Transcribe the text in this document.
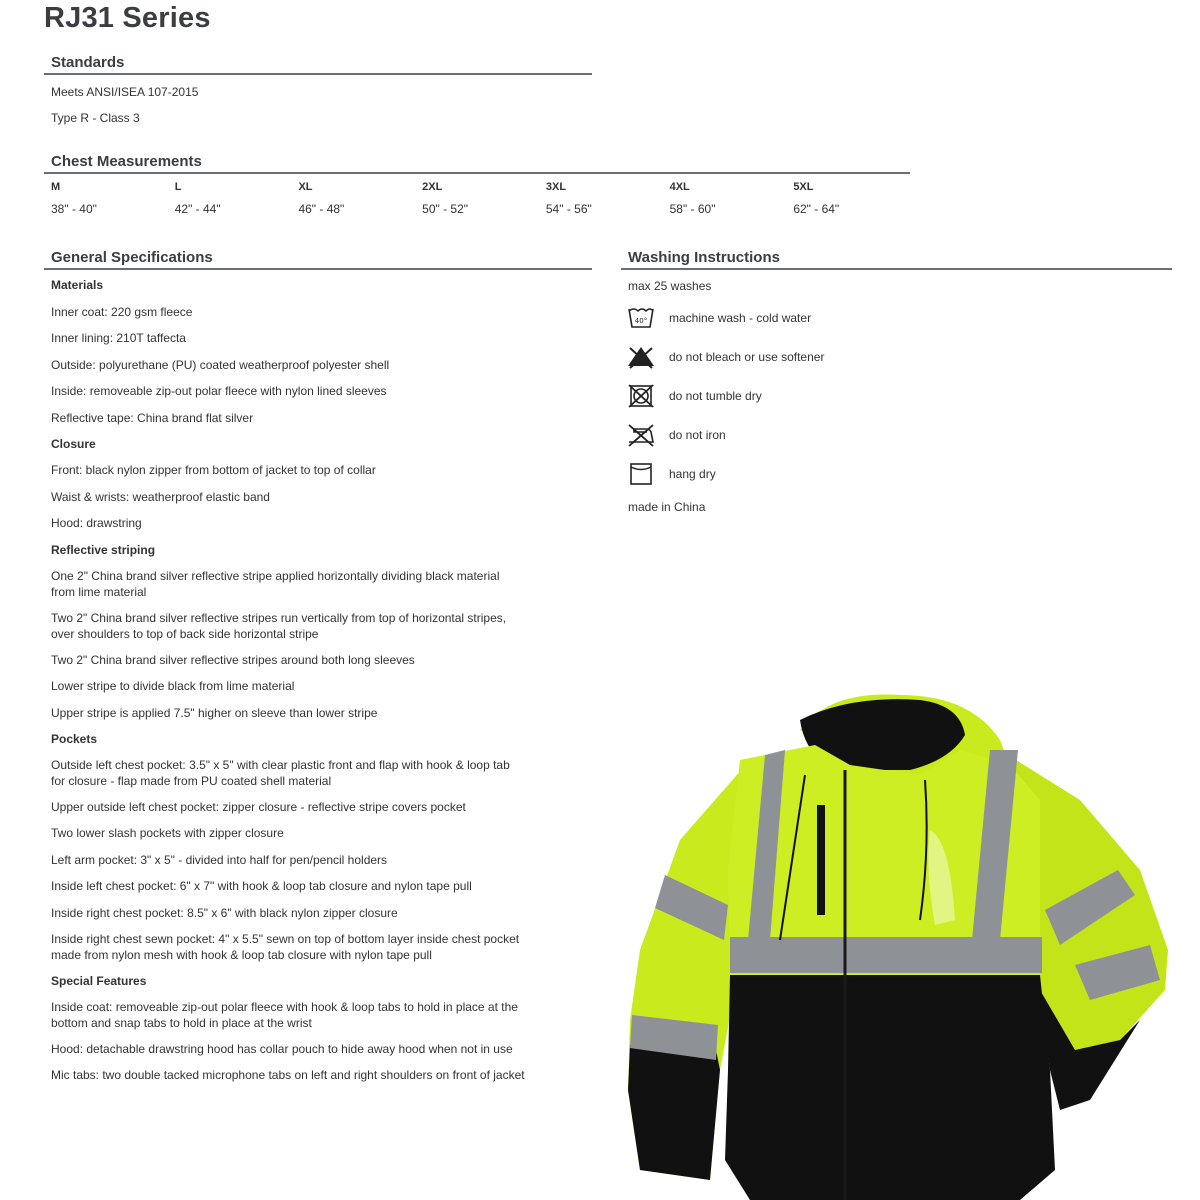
RJ31 Series
Standards
Meets ANSI/ISEA 107-2015
Type R - Class 3
Chest Measurements
M
38" - 40"
L
42" - 44"
XL
46" - 48"
2XL
50" - 52"
3XL
54" - 56"
4XL
58" - 60"
5XL
62" - 64"
General Specifications
Materials
Inner coat: 220 gsm fleece
Inner lining: 210T taffecta
Outside: polyurethane (PU) coated weatherproof polyester shell
Inside: removeable zip-out polar fleece with nylon lined sleeves
Reflective tape: China brand flat silver
Closure
Front: black nylon zipper from bottom of jacket to top of collar
Waist & wrists: weatherproof elastic band
Hood: drawstring
Reflective striping
One 2" China brand silver reflective stripe applied horizontally dividing black material
from lime material
Two 2" China brand silver reflective stripes run vertically from top of horizontal stripes,
over shoulders to top of back side horizontal stripe
Two 2" China brand silver reflective stripes around both long sleeves
Lower stripe to divide black from lime material
Upper stripe is applied 7.5" higher on sleeve than lower stripe
Pockets
Outside left chest pocket: 3.5" x 5" with clear plastic front and flap with hook & loop tab
for closure - flap made from PU coated shell material
Upper outside left chest pocket: zipper closure - reflective stripe covers pocket
Two lower slash pockets with zipper closure
Left arm pocket: 3" x 5" - divided into half for pen/pencil holders
Inside left chest pocket: 6" x 7" with hook & loop tab closure and nylon tape pull
Inside right chest pocket: 8.5" x 6" with black nylon zipper closure
Inside right chest sewn pocket: 4" x 5.5" sewn on top of bottom layer inside chest pocket
made from nylon mesh with hook & loop tab closure with nylon tape pull
Special Features
Inside coat: removeable zip-out polar fleece with hook & loop tabs to hold in place at the
bottom and snap tabs to hold in place at the wrist
Hood: detachable drawstring hood has collar pouch to hide away hood when not in use
Mic tabs: two double tacked microphone tabs on left and right shoulders on front of jacket
Washing Instructions
max 25 washes
40° machine wash - cold water
do not bleach or use softener
do not tumble dry
do not iron
hang dry
made in China
